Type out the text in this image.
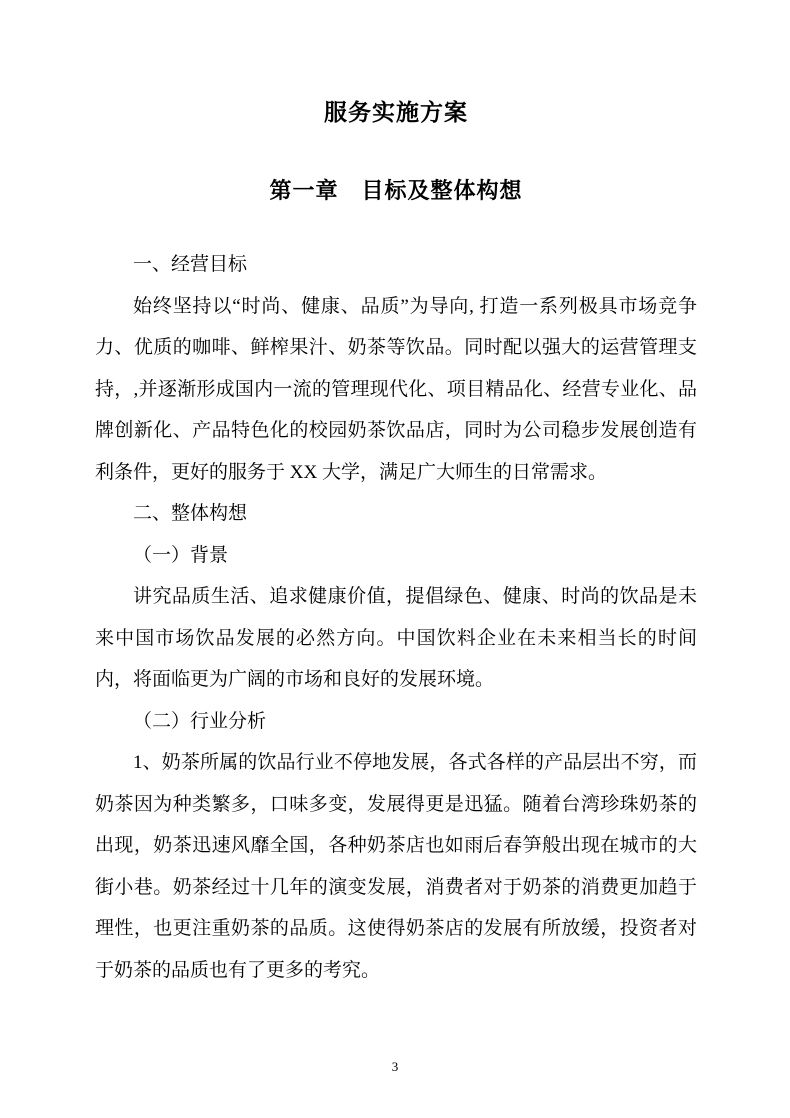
服务实施方案
第一章　目标及整体构想

一、经营目标

始终坚持以“时尚、健康、品质”为导向, 打造一系列极具市场竞争力、优质的咖啡、鲜榨果汁、奶茶等饮品。同时配以强大的运营管理支持，,并逐渐形成国内一流的管理现代化、项目精品化、经营专业化、品牌创新化、产品特色化的校园奶茶饮品店，同时为公司稳步发展创造有利条件，更好的服务于 XX 大学，满足广大师生的日常需求。

二、整体构想

（一）背景

讲究品质生活、追求健康价值，提倡绿色、健康、时尚的饮品是未来中国市场饮品发展的必然方向。中国饮料企业在未来相当长的时间内，将面临更为广阔的市场和良好的发展环境。

（二）行业分析

1、奶茶所属的饮品行业不停地发展，各式各样的产品层出不穷，而奶茶因为种类繁多，口味多变，发展得更是迅猛。随着台湾珍珠奶茶的出现，奶茶迅速风靡全国，各种奶茶店也如雨后春笋般出现在城市的大街小巷。奶茶经过十几年的演变发展，消费者对于奶茶的消费更加趋于理性，也更注重奶茶的品质。这使得奶茶店的发展有所放缓，投资者对于奶茶的品质也有了更多的考究。

3
